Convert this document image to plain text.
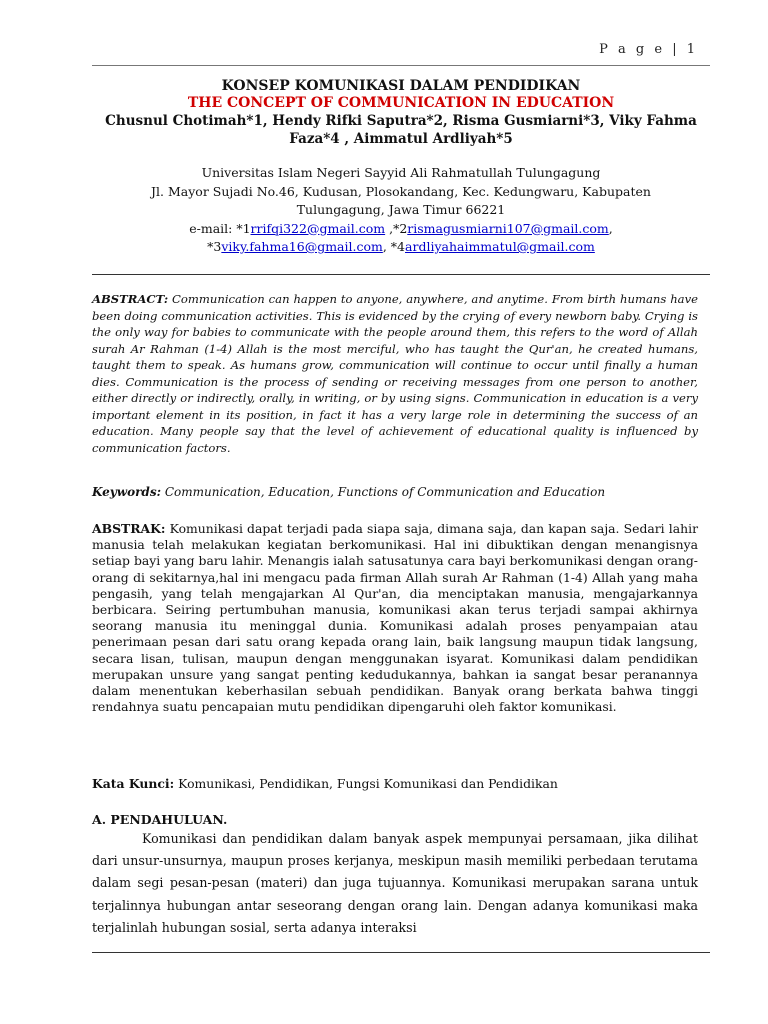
P a g e | 1
KONSEP KOMUNIKASI DALAM PENDIDIKAN
THE CONCEPT OF COMMUNICATION IN EDUCATION
Chusnul Chotimah*1, Hendy Rifki Saputra*2, Risma Gusmiarni*3, Viky Fahma
Faza*4 , Aimmatul Ardliyah*5
Universitas Islam Negeri Sayyid Ali Rahmatullah Tulungagung
Jl. Mayor Sujadi No.46, Kudusan, Plosokandang, Kec. Kedungwaru, Kabupaten
Tulungagung, Jawa Timur 66221
e-mail: *1rrifqi322@gmail.com ,*2rismagusmiarni107@gmail.com,
*3viky.fahma16@gmail.com, *4ardliyahaimmatul@gmail.com
ABSTRACT: Communication can happen to anyone, anywhere, and anytime. From birth humans have been doing communication activities. This is evidenced by the crying of every newborn baby. Crying is the only way for babies to communicate with the people around them, this refers to the word of Allah surah Ar Rahman (1-4) Allah is the most merciful, who has taught the Qur'an, he created humans, taught them to speak. As humans grow, communication will continue to occur until finally a human dies. Communication is the process of sending or receiving messages from one person to another, either directly or indirectly, orally, in writing, or by using signs. Communication in education is a very important element in its position, in fact it has a very large role in determining the success of an education. Many people say that the level of achievement of educational quality is influenced by communication factors.
Keywords: Communication, Education, Functions of Communication and Education
ABSTRAK: Komunikasi dapat terjadi pada siapa saja, dimana saja, dan kapan saja. Sedari lahir manusia telah melakukan kegiatan berkomunikasi. Hal ini dibuktikan dengan menangisnya setiap bayi yang baru lahir. Menangis ialah satusatunya cara bayi berkomunikasi dengan orang-orang di sekitarnya,hal ini mengacu pada firman Allah surah Ar Rahman (1-4) Allah yang maha pengasih, yang telah mengajarkan Al Qur'an, dia menciptakan manusia, mengajarkannya berbicara. Seiring pertumbuhan manusia, komunikasi akan terus terjadi sampai akhirnya seorang manusia itu meninggal dunia. Komunikasi adalah proses penyampaian atau penerimaan pesan dari satu orang kepada orang lain, baik langsung maupun tidak langsung, secara lisan, tulisan, maupun dengan menggunakan isyarat. Komunikasi dalam pendidikan merupakan unsure yang sangat penting kedudukannya, bahkan ia sangat besar peranannya dalam menentukan keberhasilan sebuah pendidikan. Banyak orang berkata bahwa tinggi rendahnya suatu pencapaian mutu pendidikan dipengaruhi oleh faktor komunikasi.
Kata Kunci: Komunikasi, Pendidikan, Fungsi Komunikasi dan Pendidikan
A. PENDAHULUAN.
Komunikasi dan pendidikan dalam banyak aspek mempunyai persamaan, jika dilihat dari unsur-unsurnya, maupun proses kerjanya, meskipun masih memiliki perbedaan terutama dalam segi pesan-pesan (materi) dan juga tujuannya. Komunikasi merupakan sarana untuk terjalinnya hubungan antar seseorang dengan orang lain. Dengan adanya komunikasi maka terjalinlah hubungan sosial, serta adanya interaksi
